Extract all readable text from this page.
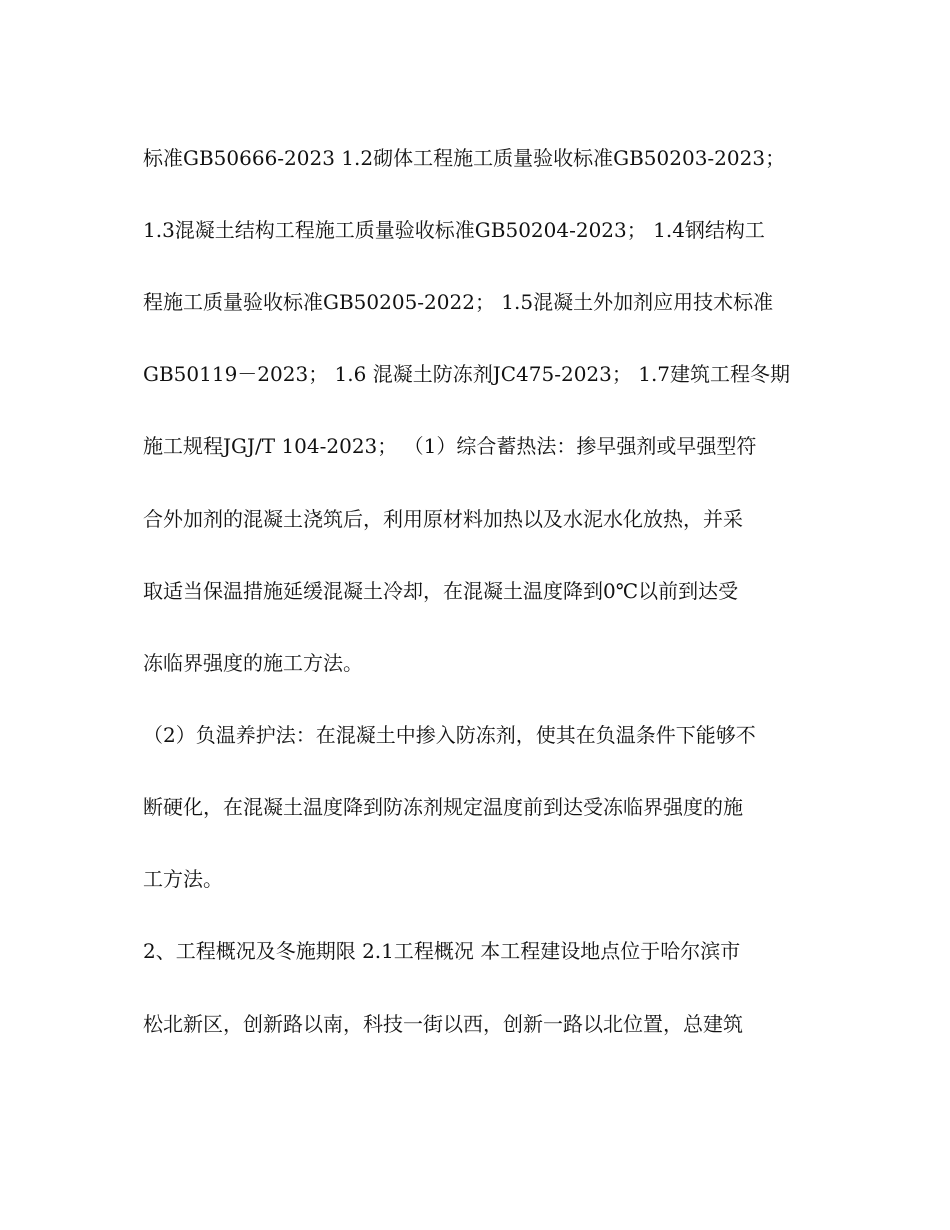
标准GB50666-2023 1.2砌体工程施工质量验收标准GB50203-2023；
1.3混凝土结构工程施工质量验收标准GB50204-2023； 1.4钢结构工
程施工质量验收标准GB50205-2022； 1.5混凝土外加剂应用技术标准
GB50119－2023； 1.6 混凝土防冻剂JC475-2023； 1.7建筑工程冬期
施工规程JGJ/T 104-2023； （1）综合蓄热法：掺早强剂或早强型符
合外加剂的混凝土浇筑后，利用原材料加热以及水泥水化放热，并采
取适当保温措施延缓混凝土冷却，在混凝土温度降到0℃以前到达受
冻临界强度的施工方法。
（2）负温养护法：在混凝土中掺入防冻剂，使其在负温条件下能够不
断硬化，在混凝土温度降到防冻剂规定温度前到达受冻临界强度的施
工方法。
2、工程概况及冬施期限 2.1工程概况 本工程建设地点位于哈尔滨市
松北新区，创新路以南，科技一街以西，创新一路以北位置，总建筑
